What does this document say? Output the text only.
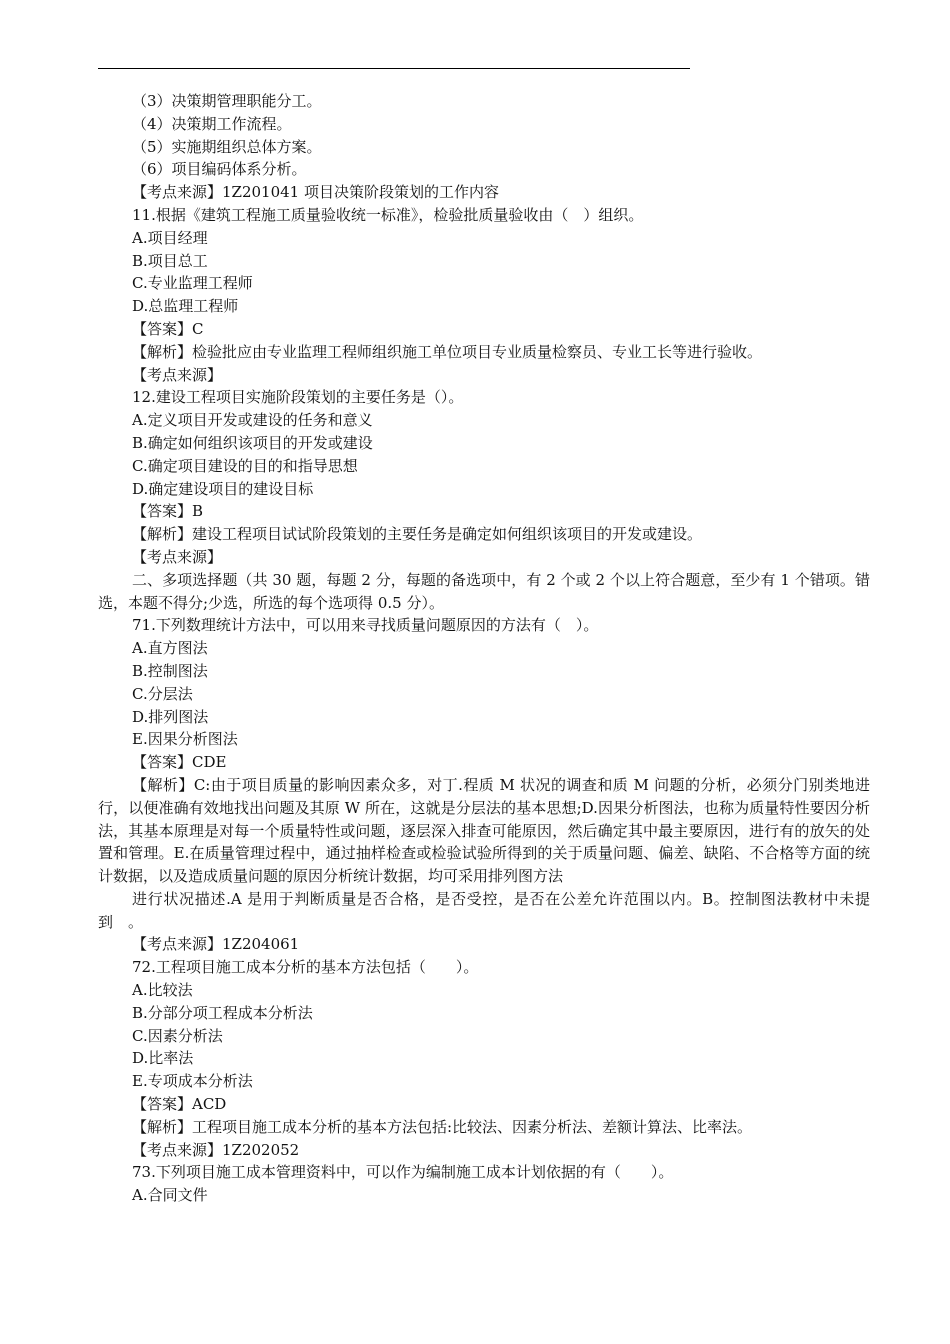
（3）决策期管理职能分工。
（4）决策期工作流程。
（5）实施期组织总体方案。
（6）项目编码体系分析。
【考点来源】1Z201041 项目决策阶段策划的工作内容
11.根据《建筑工程施工质量验收统一标准》，检验批质量验收由（　）组织。
A.项目经理
B.项目总工
C.专业监理工程师
D.总监理工程师
【答案】C
【解析】检验批应由专业监理工程师组织施工单位项目专业质量检察员、专业工长等进行验收。
【考点来源】
12.建设工程项目实施阶段策划的主要任务是（）。
A.定义项目开发或建设的任务和意义
B.确定如何组织该项目的开发或建设
C.确定项目建设的目的和指导思想
D.确定建设项目的建设目标
【答案】B
【解析】建设工程项目试试阶段策划的主要任务是确定如何组织该项目的开发或建设。
【考点来源】
二、多项选择题（共 30 题，每题 2 分，每题的备选项中，有 2 个或 2 个以上符合题意，至少有 1 个错项。错选，本题不得分;少选，所选的每个选项得 0.5 分）。
71.下列数理统计方法中，可以用来寻找质量问题原因的方法有（　）。
A.直方图法
B.控制图法
C.分层法
D.排列图法
E.因果分析图法
【答案】CDE
【解析】C:由于项目质量的影响因素众多，对丁.程质 M 状况的调查和质 M 问题的分析，必须分门别类地进行，以便准确有效地找出问题及其原 W 所在，这就是分层法的基本思想;D.因果分析图法，也称为质量特性要因分析法，其基本原理是对每一个质量特性或问题，逐层深入排查可能原因，然后确定其中最主要原因，进行有的放矢的处置和管理。E.在质量管理过程中，通过抽样检查或检验试验所得到的关于质量问题、偏差、缺陷、不合格等方面的统计数据，以及造成质量问题的原因分析统计数据，均可采用排列图方法
进行状况描述.A 是用于判断质量是否合格，是否受控，是否在公差允许范围以内。B。控制图法教材中未提到　。
【考点来源】1Z204061
72.工程项目施工成本分析的基本方法包括（　　）。
A.比较法
B.分部分项工程成本分析法
C.因素分析法
D.比率法
E.专项成本分析法
【答案】ACD
【解析】工程项目施工成本分析的基本方法包括:比较法、因素分析法、差额计算法、比率法。
【考点来源】1Z202052
73.下列项目施工成本管理资料中，可以作为编制施工成本计划依据的有（　　）。
A.合同文件
